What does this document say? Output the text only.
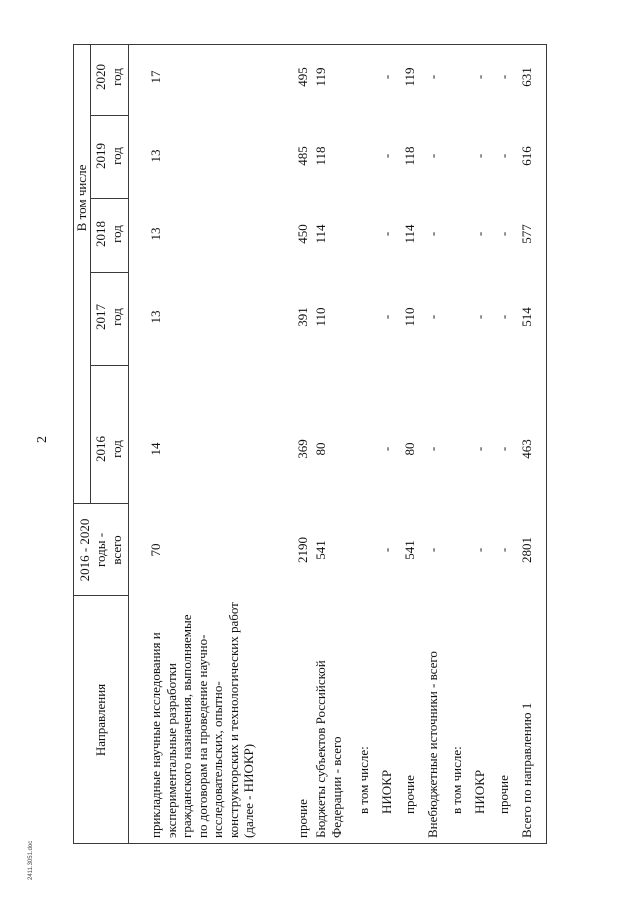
2
2411.3051.doc
Направления
2016 - 2020 годы - всего
В том числе
2016 год
2017 год
2018 год
2019 год
2020 год
прикладные научные исследования и экспериментальные разработки гражданского назначения, выполняемые по договорам на проведение научно-исследовательских, опытно-конструкторских и технологических работ (далее - НИОКР)
70
14
13
13
13
17
прочие
2190
369
391
450
485
495
Бюджеты субъектов Российской Федерации - всего
541
80
110
114
118
119
в том числе: НИОКР
-
-
-
-
-
-
прочие
541
80
110
114
118
119
Внебюджетные источники - всего
-
-
-
-
-
-
в том числе: НИОКР
-
-
-
-
-
-
прочие
-
-
-
-
-
-
Всего по направлению 1
2801
463
514
577
616
631
